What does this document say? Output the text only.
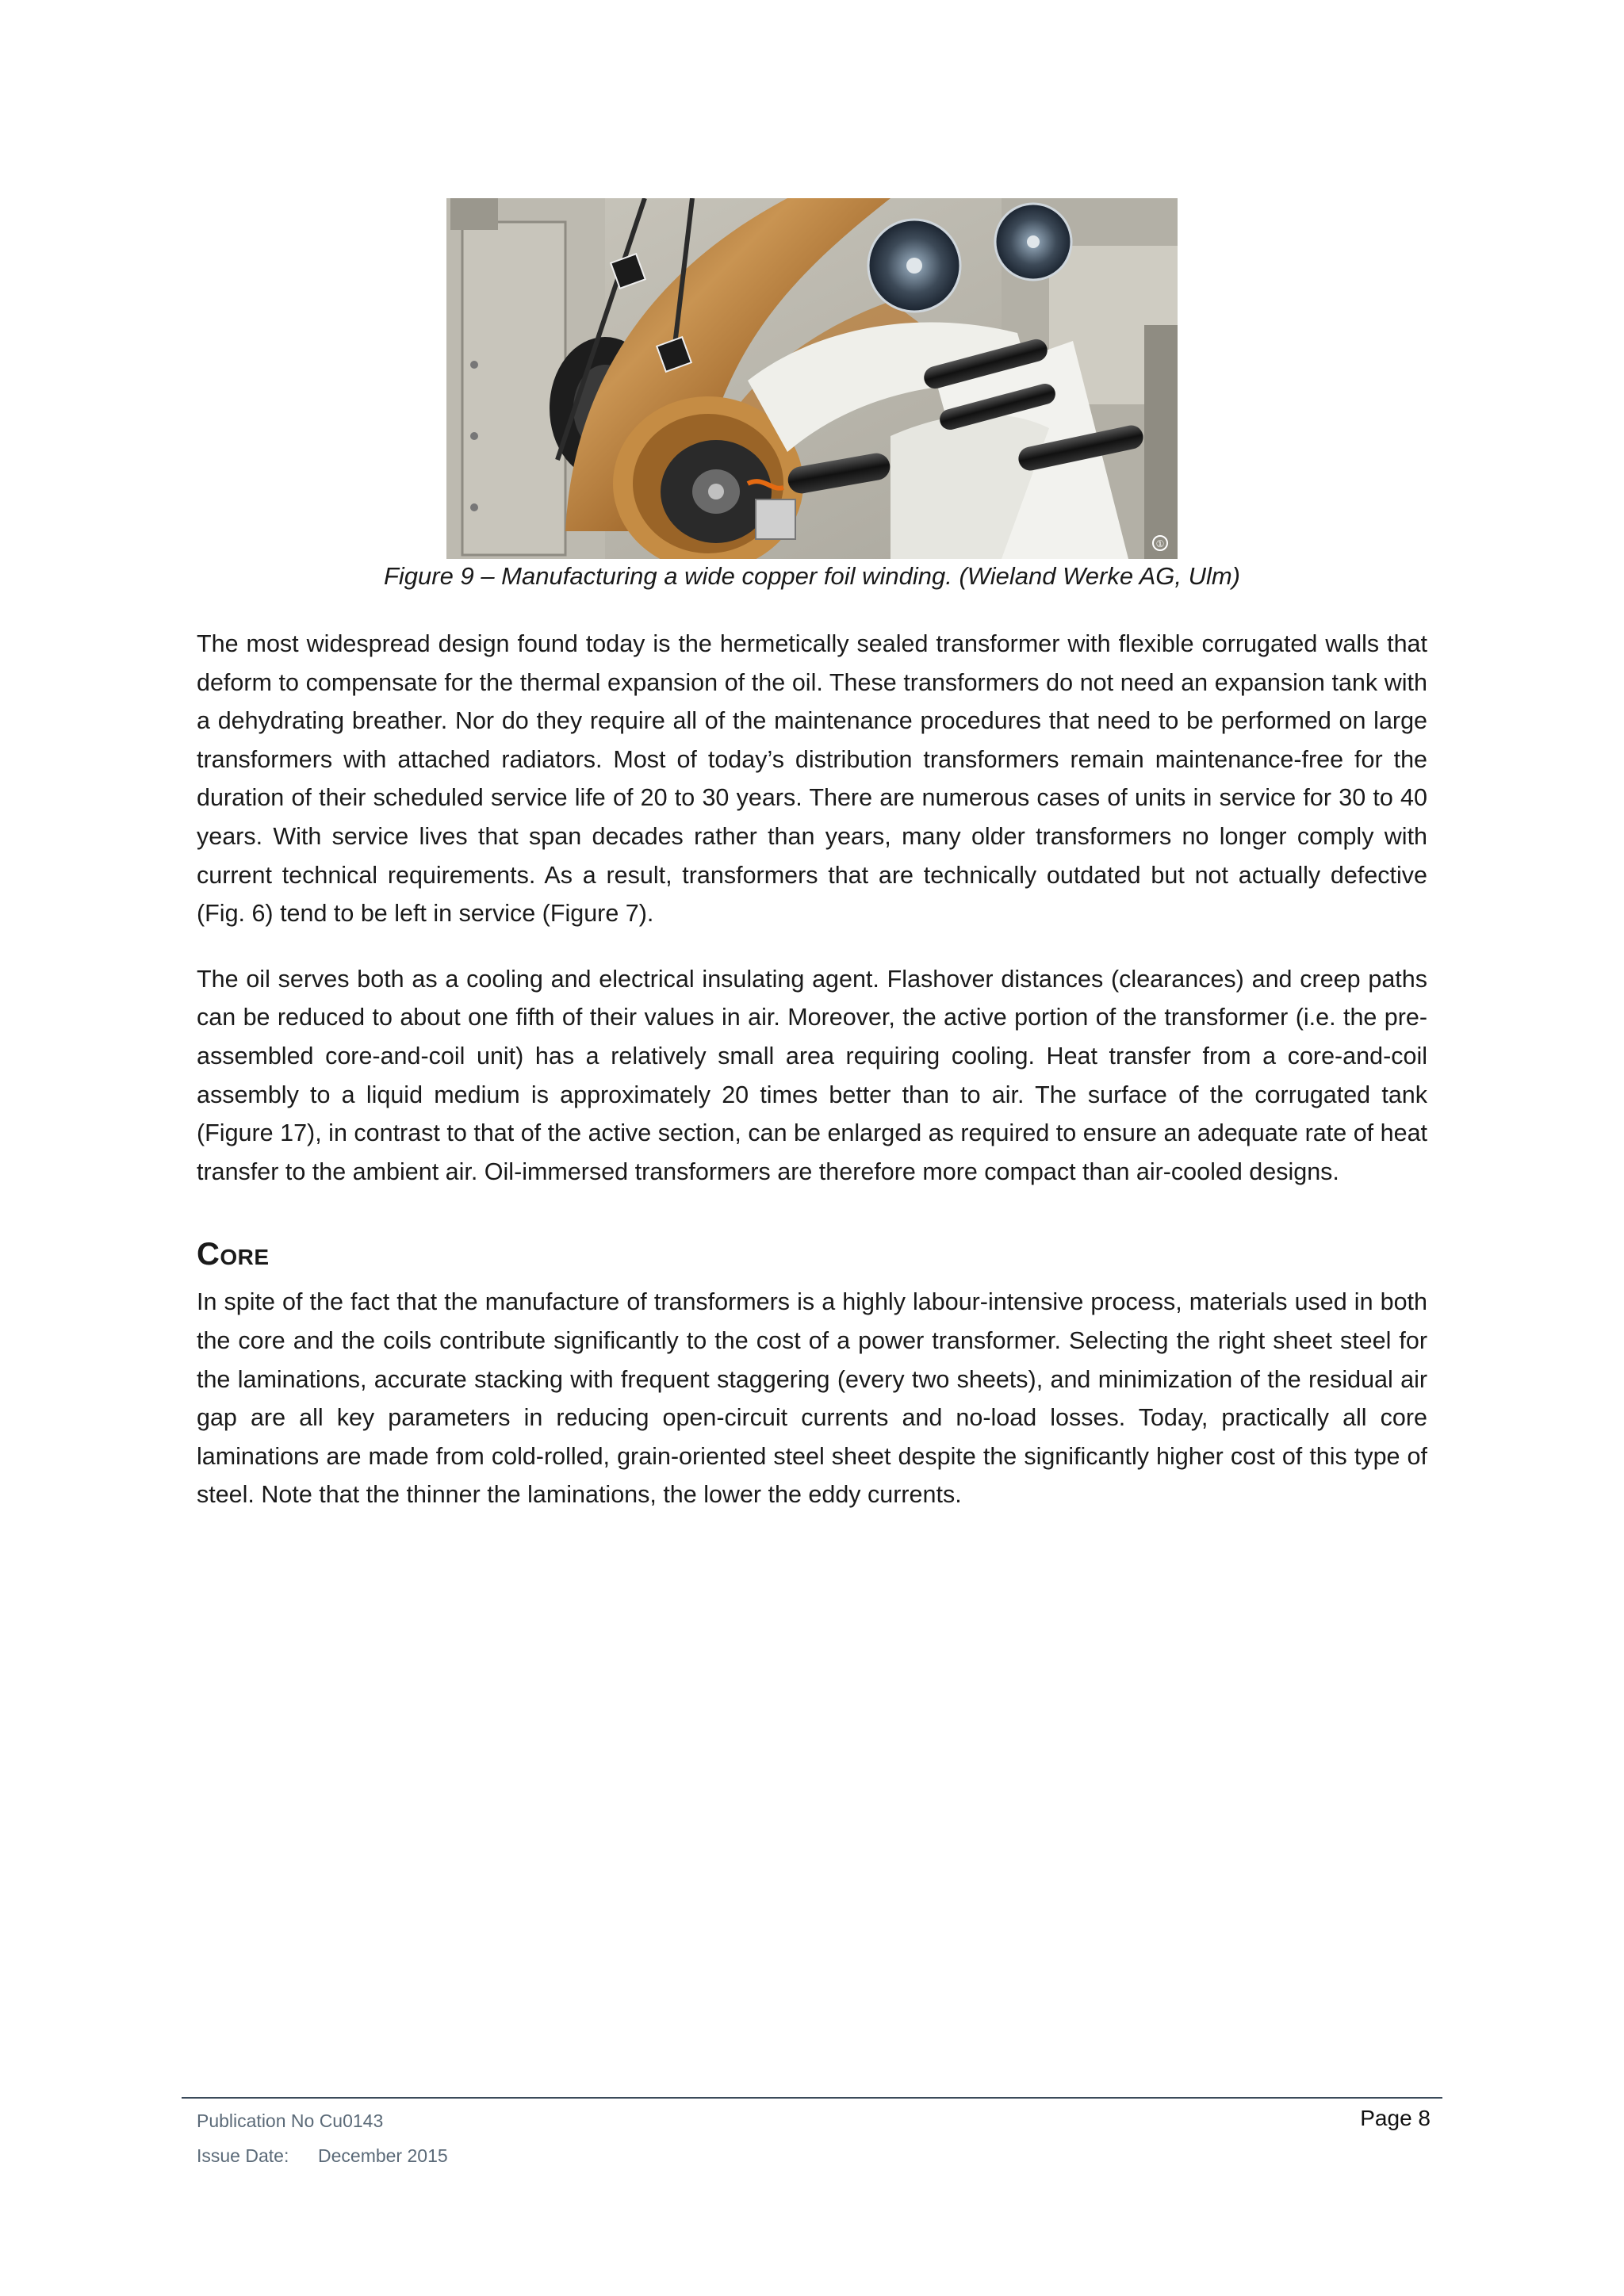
①
Figure 9 – Manufacturing a wide copper foil winding. (Wieland Werke AG, Ulm)

The most widespread design found today is the hermetically sealed transformer with flexible corrugated walls that deform to compensate for the thermal expansion of the oil. These transformers do not need an expansion tank with a dehydrating breather. Nor do they require all of the maintenance procedures that need to be performed on large transformers with attached radiators. Most of today’s distribution transformers remain maintenance-free for the duration of their scheduled service life of 20 to 30 years. There are numerous cases of units in service for 30 to 40 years. With service lives that span decades rather than years, many older transformers no longer comply with current technical requirements. As a result, transformers that are technically outdated but not actually defective (Fig. 6) tend to be left in service (Figure 7).

The oil serves both as a cooling and electrical insulating agent. Flashover distances (clearances) and creep paths can be reduced to about one fifth of their values in air. Moreover, the active portion of the transformer (i.e. the pre-assembled core-and-coil unit) has a relatively small area requiring cooling. Heat transfer from a core-and-coil assembly to a liquid medium is approximately 20 times better than to air. The surface of the corrugated tank (Figure 17), in contrast to that of the active section, can be enlarged as required to ensure an adequate rate of heat transfer to the ambient air. Oil-immersed transformers are therefore more compact than air-cooled designs.

Core

In spite of the fact that the manufacture of transformers is a highly labour-intensive process, materials used in both the core and the coils contribute significantly to the cost of a power transformer. Selecting the right sheet steel for the laminations, accurate stacking with frequent staggering (every two sheets), and minimization of the residual air gap are all key parameters in reducing open-circuit currents and no-load losses. Today, practically all core laminations are made from cold-rolled, grain-oriented steel sheet despite the significantly higher cost of this type of steel. Note that the thinner the laminations, the lower the eddy currents.

Publication No Cu0143	Page 8
Issue Date: December 2015
